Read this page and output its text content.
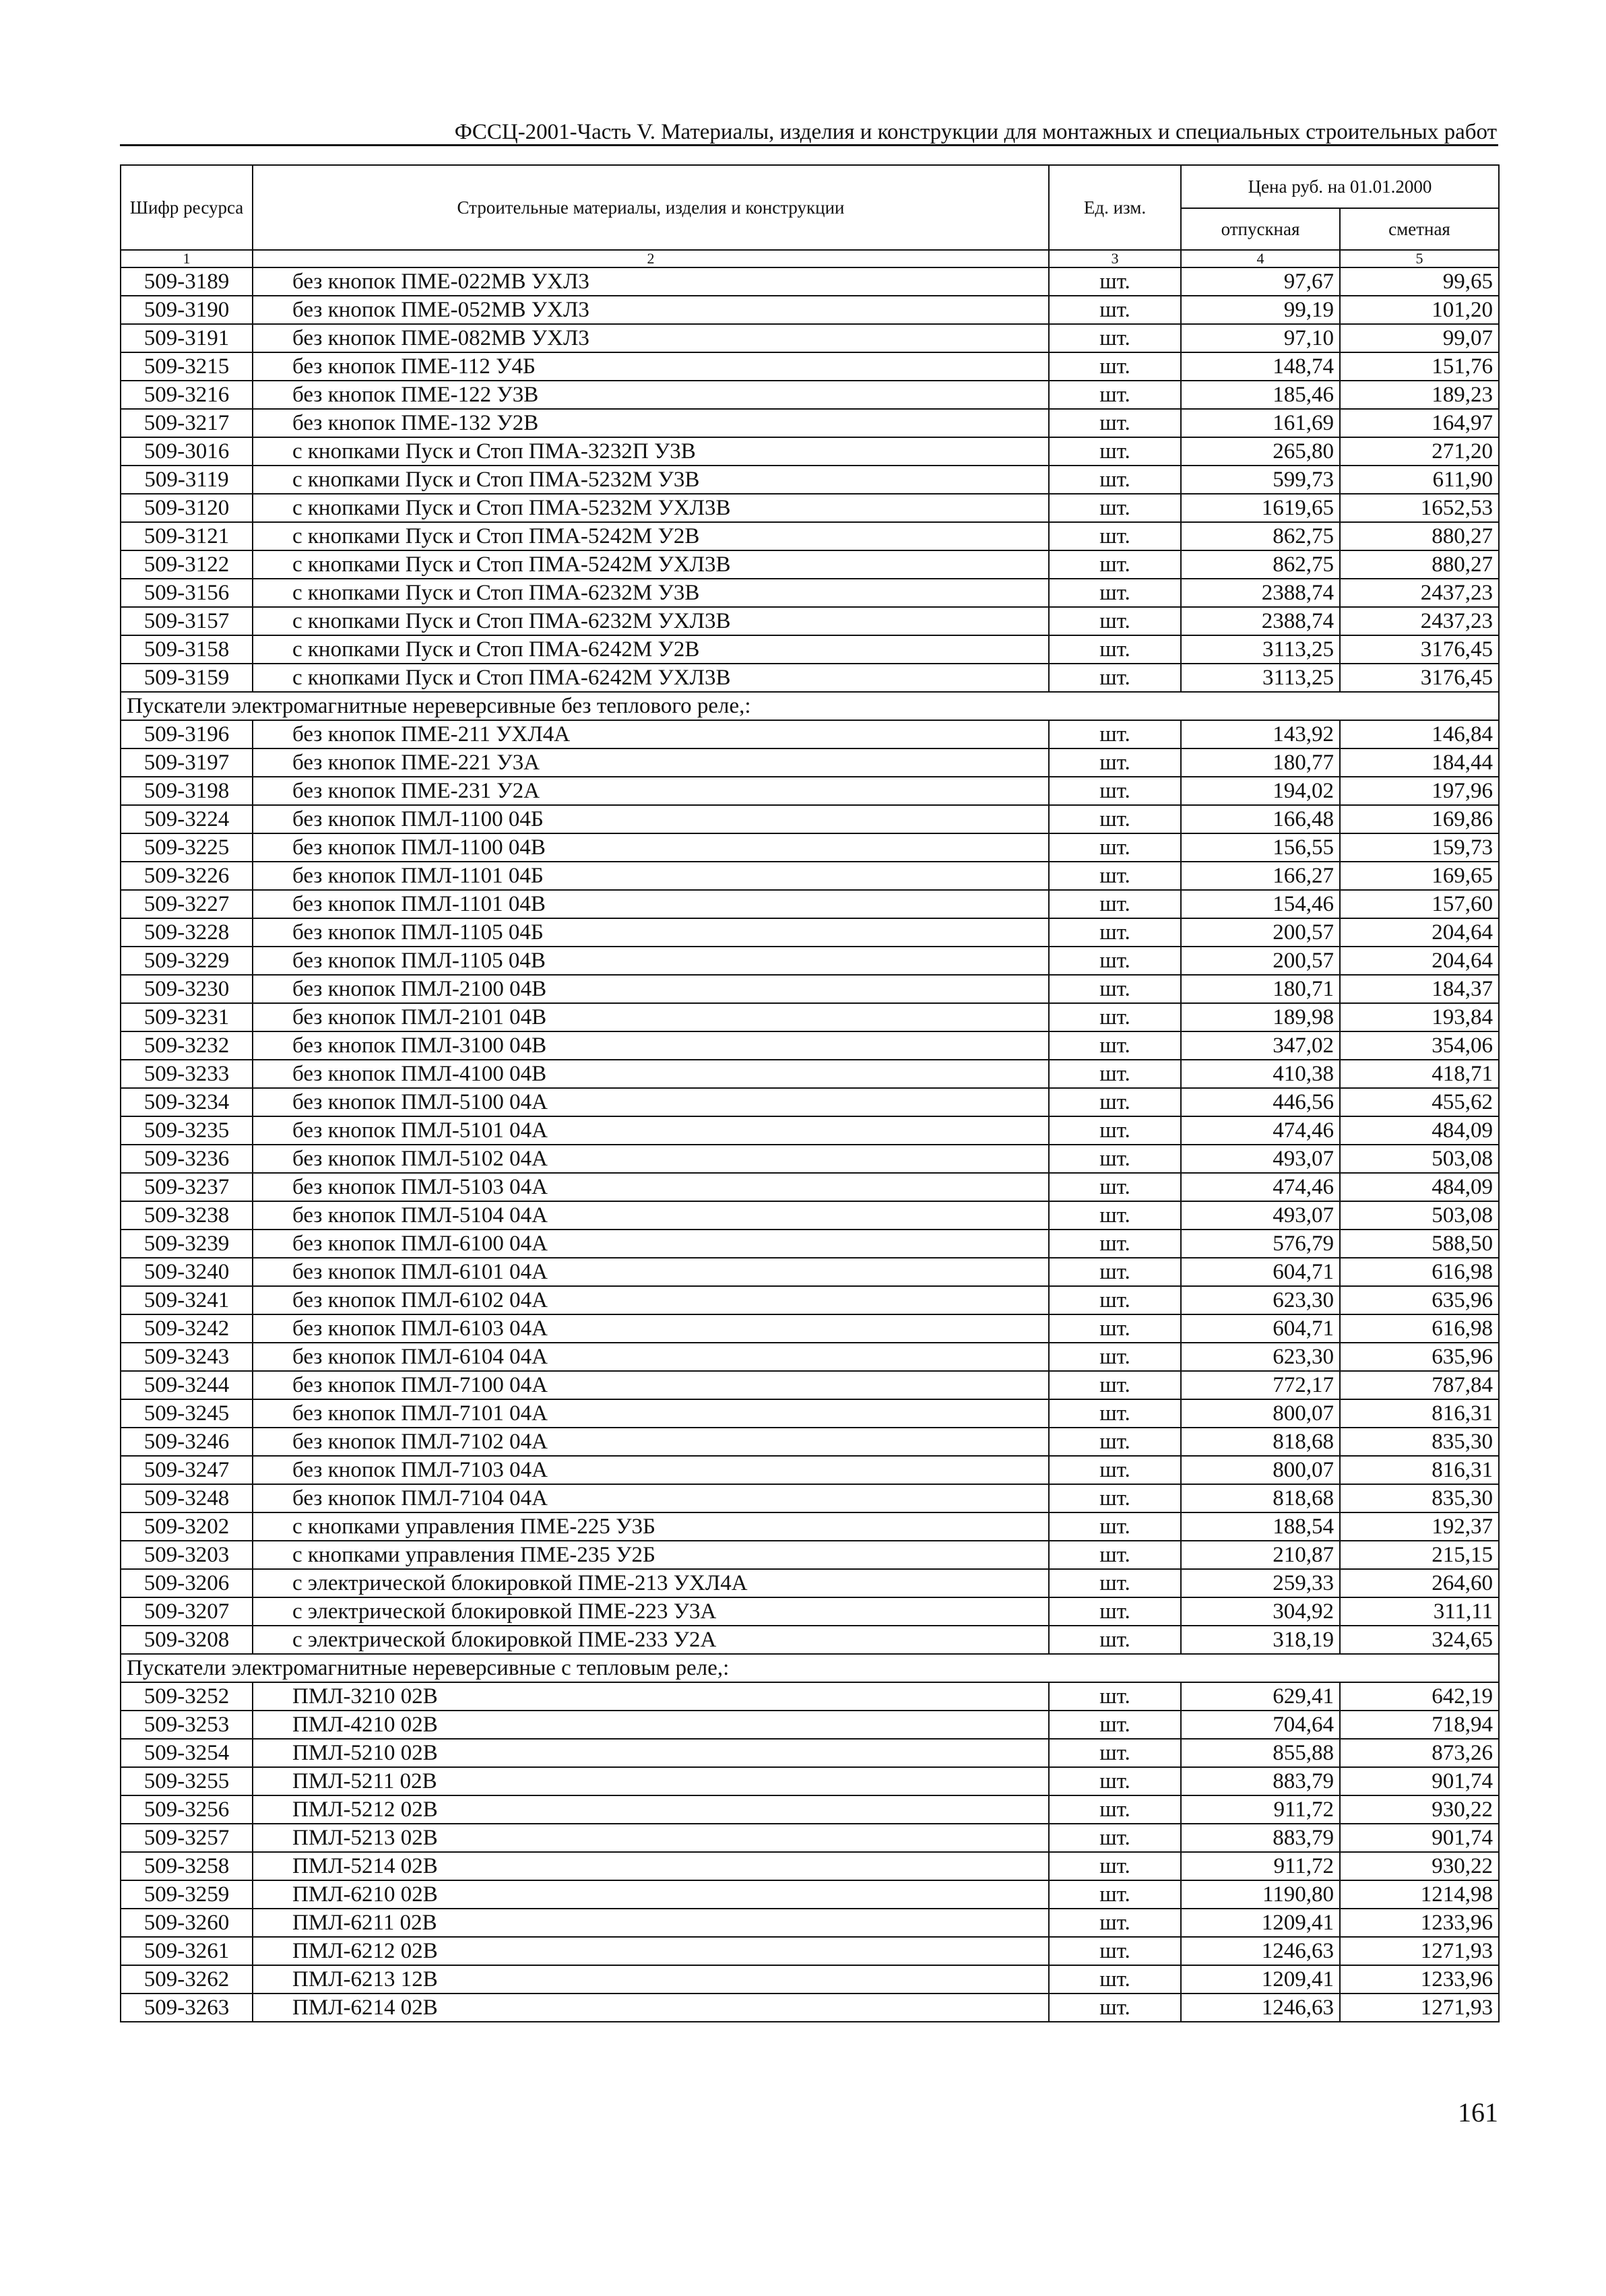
ФССЦ-2001-Часть V. Материалы, изделия и конструкции для монтажных и специальных строительных работ
Шифр ресурса	Строительные материалы, изделия и конструкции	Ед. изм.	Цена руб. на 01.01.2000	
			отпускная	сметная
1	2	3	4	5
509-3189	без кнопок ПМЕ-022МВ УХЛ3	шт.	97,67	99,65
509-3190	без кнопок ПМЕ-052МВ УХЛ3	шт.	99,19	101,20
509-3191	без кнопок ПМЕ-082МВ УХЛ3	шт.	97,10	99,07
509-3215	без кнопок ПМЕ-112 У4Б	шт.	148,74	151,76
509-3216	без кнопок ПМЕ-122 У3В	шт.	185,46	189,23
509-3217	без кнопок ПМЕ-132 У2В	шт.	161,69	164,97
509-3016	с кнопками Пуск и Стоп ПМА-3232П У3В	шт.	265,80	271,20
509-3119	с кнопками Пуск и Стоп ПМА-5232М У3В	шт.	599,73	611,90
509-3120	с кнопками Пуск и Стоп ПМА-5232М УХЛ3В	шт.	1619,65	1652,53
509-3121	с кнопками Пуск и Стоп ПМА-5242М У2В	шт.	862,75	880,27
509-3122	с кнопками Пуск и Стоп ПМА-5242М УХЛ3В	шт.	862,75	880,27
509-3156	с кнопками Пуск и Стоп ПМА-6232М У3В	шт.	2388,74	2437,23
509-3157	с кнопками Пуск и Стоп ПМА-6232М УХЛ3В	шт.	2388,74	2437,23
509-3158	с кнопками Пуск и Стоп ПМА-6242М У2В	шт.	3113,25	3176,45
509-3159	с кнопками Пуск и Стоп ПМА-6242М УХЛ3В	шт.	3113,25	3176,45
Пускатели электромагнитные нереверсивные без теплового реле,:				
509-3196	без кнопок ПМЕ-211 УХЛ4А	шт.	143,92	146,84
509-3197	без кнопок ПМЕ-221 У3А	шт.	180,77	184,44
509-3198	без кнопок ПМЕ-231 У2А	шт.	194,02	197,96
509-3224	без кнопок ПМЛ-1100 04Б	шт.	166,48	169,86
509-3225	без кнопок ПМЛ-1100 04В	шт.	156,55	159,73
509-3226	без кнопок ПМЛ-1101 04Б	шт.	166,27	169,65
509-3227	без кнопок ПМЛ-1101 04В	шт.	154,46	157,60
509-3228	без кнопок ПМЛ-1105 04Б	шт.	200,57	204,64
509-3229	без кнопок ПМЛ-1105 04В	шт.	200,57	204,64
509-3230	без кнопок ПМЛ-2100 04В	шт.	180,71	184,37
509-3231	без кнопок ПМЛ-2101 04В	шт.	189,98	193,84
509-3232	без кнопок ПМЛ-3100 04В	шт.	347,02	354,06
509-3233	без кнопок ПМЛ-4100 04В	шт.	410,38	418,71
509-3234	без кнопок ПМЛ-5100 04А	шт.	446,56	455,62
509-3235	без кнопок ПМЛ-5101 04А	шт.	474,46	484,09
509-3236	без кнопок ПМЛ-5102 04А	шт.	493,07	503,08
509-3237	без кнопок ПМЛ-5103 04А	шт.	474,46	484,09
509-3238	без кнопок ПМЛ-5104 04А	шт.	493,07	503,08
509-3239	без кнопок ПМЛ-6100 04А	шт.	576,79	588,50
509-3240	без кнопок ПМЛ-6101 04А	шт.	604,71	616,98
509-3241	без кнопок ПМЛ-6102 04А	шт.	623,30	635,96
509-3242	без кнопок ПМЛ-6103 04А	шт.	604,71	616,98
509-3243	без кнопок ПМЛ-6104 04А	шт.	623,30	635,96
509-3244	без кнопок ПМЛ-7100 04А	шт.	772,17	787,84
509-3245	без кнопок ПМЛ-7101 04А	шт.	800,07	816,31
509-3246	без кнопок ПМЛ-7102 04А	шт.	818,68	835,30
509-3247	без кнопок ПМЛ-7103 04А	шт.	800,07	816,31
509-3248	без кнопок ПМЛ-7104 04А	шт.	818,68	835,30
509-3202	с кнопками управления ПМЕ-225 У3Б	шт.	188,54	192,37
509-3203	с кнопками управления ПМЕ-235 У2Б	шт.	210,87	215,15
509-3206	с электрической блокировкой ПМЕ-213 УХЛ4А	шт.	259,33	264,60
509-3207	с электрической блокировкой ПМЕ-223 У3А	шт.	304,92	311,11
509-3208	с электрической блокировкой ПМЕ-233 У2А	шт.	318,19	324,65
Пускатели электромагнитные нереверсивные с тепловым реле,:				
509-3252	ПМЛ-3210 02В	шт.	629,41	642,19
509-3253	ПМЛ-4210 02В	шт.	704,64	718,94
509-3254	ПМЛ-5210 02В	шт.	855,88	873,26
509-3255	ПМЛ-5211 02В	шт.	883,79	901,74
509-3256	ПМЛ-5212 02В	шт.	911,72	930,22
509-3257	ПМЛ-5213 02В	шт.	883,79	901,74
509-3258	ПМЛ-5214 02В	шт.	911,72	930,22
509-3259	ПМЛ-6210 02В	шт.	1190,80	1214,98
509-3260	ПМЛ-6211 02В	шт.	1209,41	1233,96
509-3261	ПМЛ-6212 02В	шт.	1246,63	1271,93
509-3262	ПМЛ-6213 12В	шт.	1209,41	1233,96
509-3263	ПМЛ-6214 02В	шт.	1246,63	1271,93
161
